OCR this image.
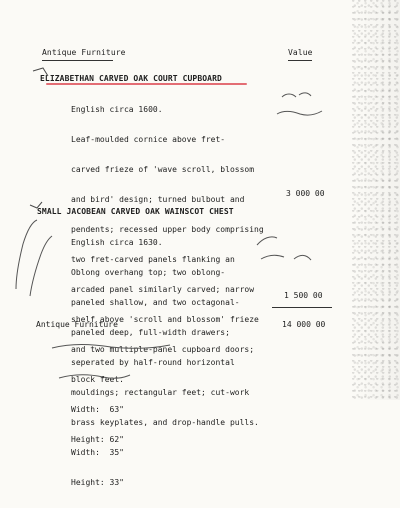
Antique Furniture	Value
ELIZABETHAN CARVED OAK COURT CUPBOARD

English circa 1600.

Leaf-moulded cornice above fret-

carved frieze of 'wave scroll, blossom

and bird' design; turned bulbout and

pendents; recessed upper body comprising

two fret-carved panels flanking an

arcaded panel similarly carved; narrow

shelf above 'scroll and blossom' frieze

and two multiple-panel cupboard doors;

block feet.

Width:  63"

Height: 62"

3 000 00
SMALL JACOBEAN CARVED OAK WAINSCOT CHEST

English circa 1630.

Oblong overhang top; two oblong-

paneled shallow, and two octagonal-

paneled deep, full-width drawers;

seperated by half-round horizontal

mouldings; rectangular feet; cut-work

brass keyplates, and drop-handle pulls.

Width:  35"

Height: 33"

1 500 00
Antique Furniture	14 000 00
